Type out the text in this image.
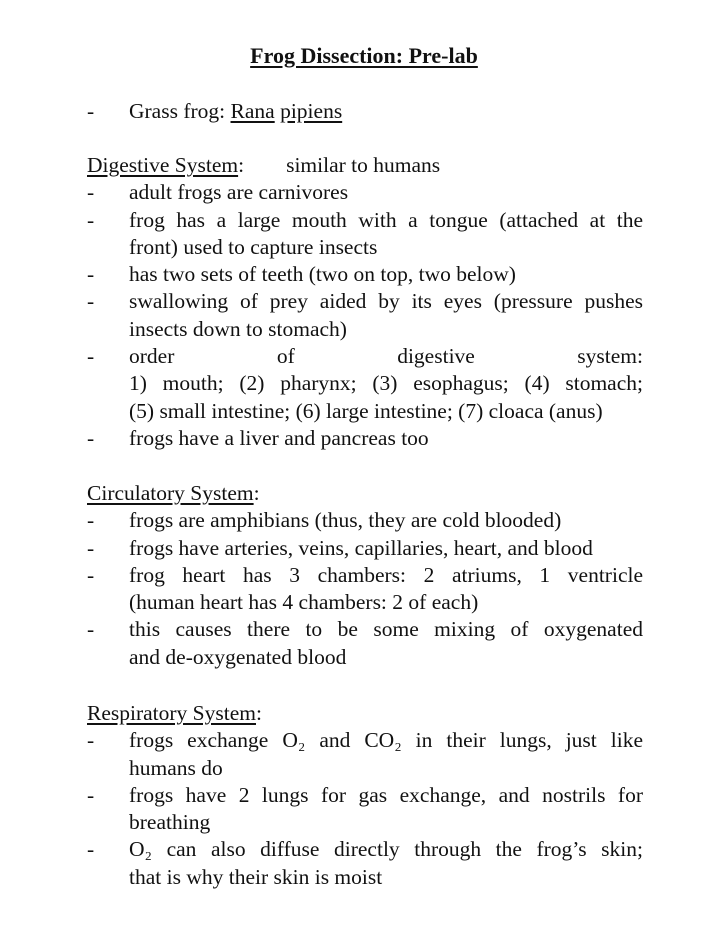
Frog Dissection: Pre-lab
- Grass frog: Rana pipiens
Digestive System: similar to humans
- adult frogs are carnivores
- frog has a large mouth with a tongue (attached at the
front) used to capture insects
- has two sets of teeth (two on top, two below)
- swallowing of prey aided by its eyes (pressure pushes
insects down to stomach)
- order of digestive system:
1) mouth; (2) pharynx; (3) esophagus; (4) stomach;
(5) small intestine; (6) large intestine; (7) cloaca (anus)
- frogs have a liver and pancreas too
Circulatory System:
- frogs are amphibians (thus, they are cold blooded)
- frogs have arteries, veins, capillaries, heart, and blood
- frog heart has 3 chambers: 2 atriums, 1 ventricle
(human heart has 4 chambers: 2 of each)
- this causes there to be some mixing of oxygenated
and de-oxygenated blood
Respiratory System:
- frogs exchange O₂ and CO₂ in their lungs, just like
humans do
- frogs have 2 lungs for gas exchange, and nostrils for
breathing
- O₂ can also diffuse directly through the frog’s skin;
that is why their skin is moist
